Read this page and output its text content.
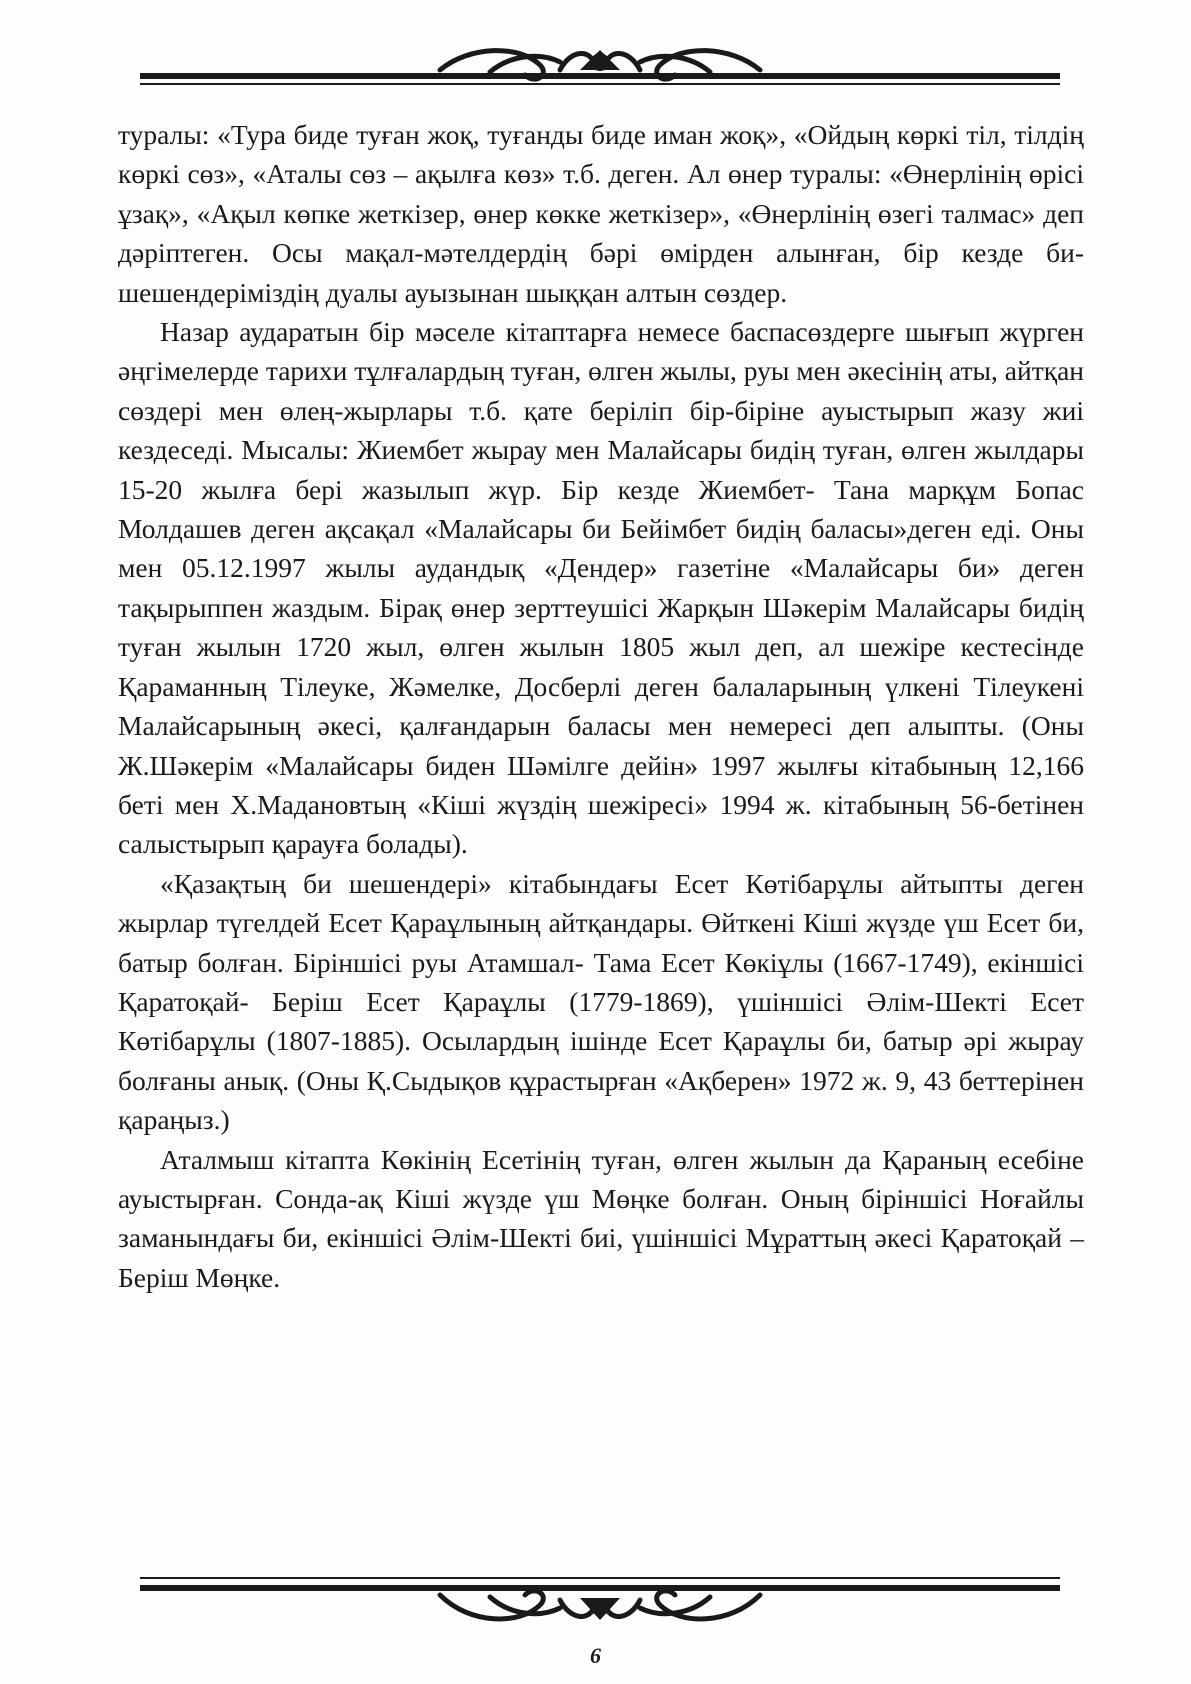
туралы: «Тура биде туған жоқ, туғанды биде иман жоқ», «Ойдың көркі тіл, тілдің көркі сөз», «Аталы сөз – ақылға көз» т.б. деген. Ал өнер туралы: «Өнерлінің өрісі ұзақ», «Ақыл көпке жеткізер, өнер көкке жеткізер», «Өнерлінің өзегі талмас» деп дәріптеген. Осы мақал-мәтелдердің бәрі өмірден алынған, бір кезде би-шешендеріміздің дуалы ауызынан шыққан алтын сөздер.

Назар аударатын бір мәселе кітаптарға немесе баспасөздерге шығып жүрген әңгімелерде тарихи тұлғалардың туған, өлген жылы, руы мен әкесінің аты, айтқан сөздері мен өлең-жырлары т.б. қате беріліп бір-біріне ауыстырып жазу жиі кездеседі. Мысалы: Жиембет жырау мен Малайсары бидің туған, өлген жылдары 15-20 жылға бері жазылып жүр. Бір кезде Жиембет- Тана марқұм Бопас Молдашев деген ақсақал «Малайсары би Бейімбет бидің баласы»деген еді. Оны мен 05.12.1997 жылы аудандық «Дендер» газетіне «Малайсары би» деген тақырыппен жаздым. Бірақ өнер зерттеушісі Жарқын Шәкерім Малайсары бидің туған жылын 1720 жыл, өлген жылын 1805 жыл деп, ал шежіре кестесінде Қараманның Тілеуке, Жәмелке, Досберлі деген балаларының үлкені Тілеукені Малайсарының әкесі, қалғандарын баласы мен немересі деп алыпты. (Оны Ж.Шәкерім «Малайсары биден Шәмілге дейін» 1997 жылғы кітабының 12,166 беті мен Х.Мадановтың «Кіші жүздің шежіресі» 1994 ж. кітабының 56-бетінен салыстырып қарауға болады).

«Қазақтың би шешендері» кітабындағы Есет Көтібарұлы айтыпты деген жырлар түгелдей Есет Қараұлының айтқандары. Өйткені Кіші жүзде үш Есет би, батыр болған. Біріншісі руы Атамшал- Тама Есет Көкіұлы (1667-1749), екіншісі Қаратоқай- Беріш Есет Қараұлы (1779-1869), үшіншісі Әлім-Шекті Есет Көтібарұлы (1807-1885). Осылардың ішінде Есет Қараұлы би, батыр әрі жырау болғаны анық. (Оны Қ.Сыдықов құрастырған «Ақберен» 1972 ж. 9, 43 беттерінен қараңыз.)

Аталмыш кітапта Көкінің Есетінің туған, өлген жылын да Қараның есебіне ауыстырған. Сонда-ақ Кіші жүзде үш Мөңке болған. Оның біріншісі Ноғайлы заманындағы би, екіншісі Әлім-Шекті биі, үшіншісі Мұраттың әкесі Қаратоқай – Беріш Мөңке.

6
